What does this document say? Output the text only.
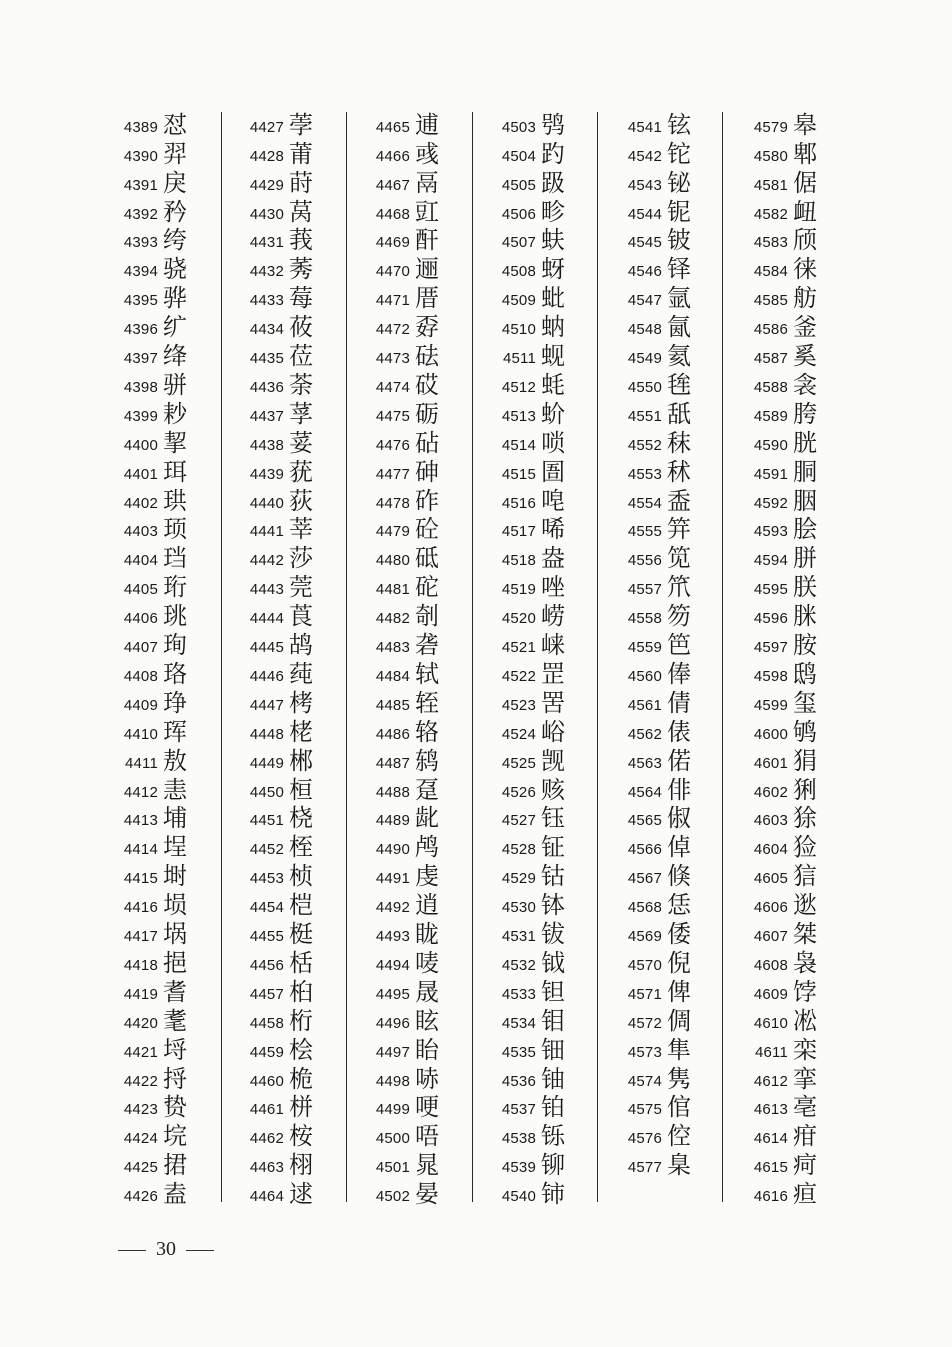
4389 怼
4390 羿
4391 戾
4392 矜
4393 绔
4394 骁
4395 骅
4396 纩
4397 绛
4398 骈
4399 耖
4400 挈
4401 珥
4402 珙
4403 顼
4404 珰
4405 珩
4406 珧
4407 珣
4408 珞
4409 琤
4410 珲
4411 敖
4412 恚
4413 埔
4414 埕
4415 埘
4416 埙
4417 埚
4418 挹
4419 耆
4420 耄
4421 埒
4422 捋
4423 贽
4424 垸
4425 捃
4426 盍
4427 荸
4428 莆
4429 莳
4430 莴
4431 莪
4432 莠
4433 莓
4434 莜
4435 莅
4436 荼
4437 莩
4438 荽
4439 莸
4440 荻
4441 莘
4442 莎
4443 莞
4444 莨
4445 鸪
4446 莼
4447 栲
4448 栳
4449 郴
4450 桓
4451 桡
4452 桎
4453 桢
4454 桤
4455 梃
4456 栝
4457 桕
4458 桁
4459 桧
4460 桅
4461 栟
4462 桉
4463 栩
4464 逑
4465 逋
4466 彧
4467 鬲
4468 豇
4469 酐
4470 逦
4471 厝
4472 孬
4473 砝
4474 砹
4475 砺
4476 砧
4477 砷
4478 砟
4479 砼
4480 砥
4481 砣
4482 剞
4483 砻
4484 轼
4485 轾
4486 辂
4487 鸫
4488 趸
4489 龀
4490 鸬
4491 虔
4492 逍
4493 眬
4494 唛
4495 晟
4496 眩
4497 眙
4498 哧
4499 哽
4500 唔
4501 晁
4502 晏
4503 鸮
4504 趵
4505 趿
4506 畛
4507 蚨
4508 蚜
4509 蚍
4510 蚋
4511 蚬
4512 蚝
4513 蚧
4514 唢
4515 圄
4516 唣
4517 唏
4518 盎
4519 唑
4520 崂
4521 崃
4522 罡
4523 罟
4524 峪
4525 觊
4526 赅
4527 钰
4528 钲
4529 钴
4530 钵
4531 钹
4532 钺
4533 钽
4534 钼
4535 钿
4536 铀
4537 铂
4538 铄
4539 铆
4540 铈
4541 铉
4542 铊
4543 铋
4544 铌
4545 铍
4546 铎
4547 氩
4548 氤
4549 氦
4550 毪
4551 舐
4552 秣
4553 秫
4554 盉
4555 笄
4556 笕
4557 笊
4558 笏
4559 笆
4560 俸
4561 倩
4562 俵
4563 偌
4564 俳
4565 俶
4566 倬
4567 倏
4568 恁
4569 倭
4570 倪
4571 俾
4572 倜
4573 隼
4574 隽
4575 倌
4576 倥
4577 臬
4579 皋
4580 郫
4581 倨
4582 衄
4583 颀
4584 徕
4585 舫
4586 釜
4587 奚
4588 衾
4589 胯
4590 胱
4591 胴
4592 胭
4593 脍
4594 胼
4595 朕
4596 脒
4597 胺
4598 鸱
4599 玺
4600 鸲
4601 狷
4602 猁
4603 狳
4604 猃
4605 狺
4606 逖
4607 桀
4608 袅
4609 饽
4610 凇
4611 栾
4612 挛
4613 亳
4614 疳
4615 疴
4616 疸
30
